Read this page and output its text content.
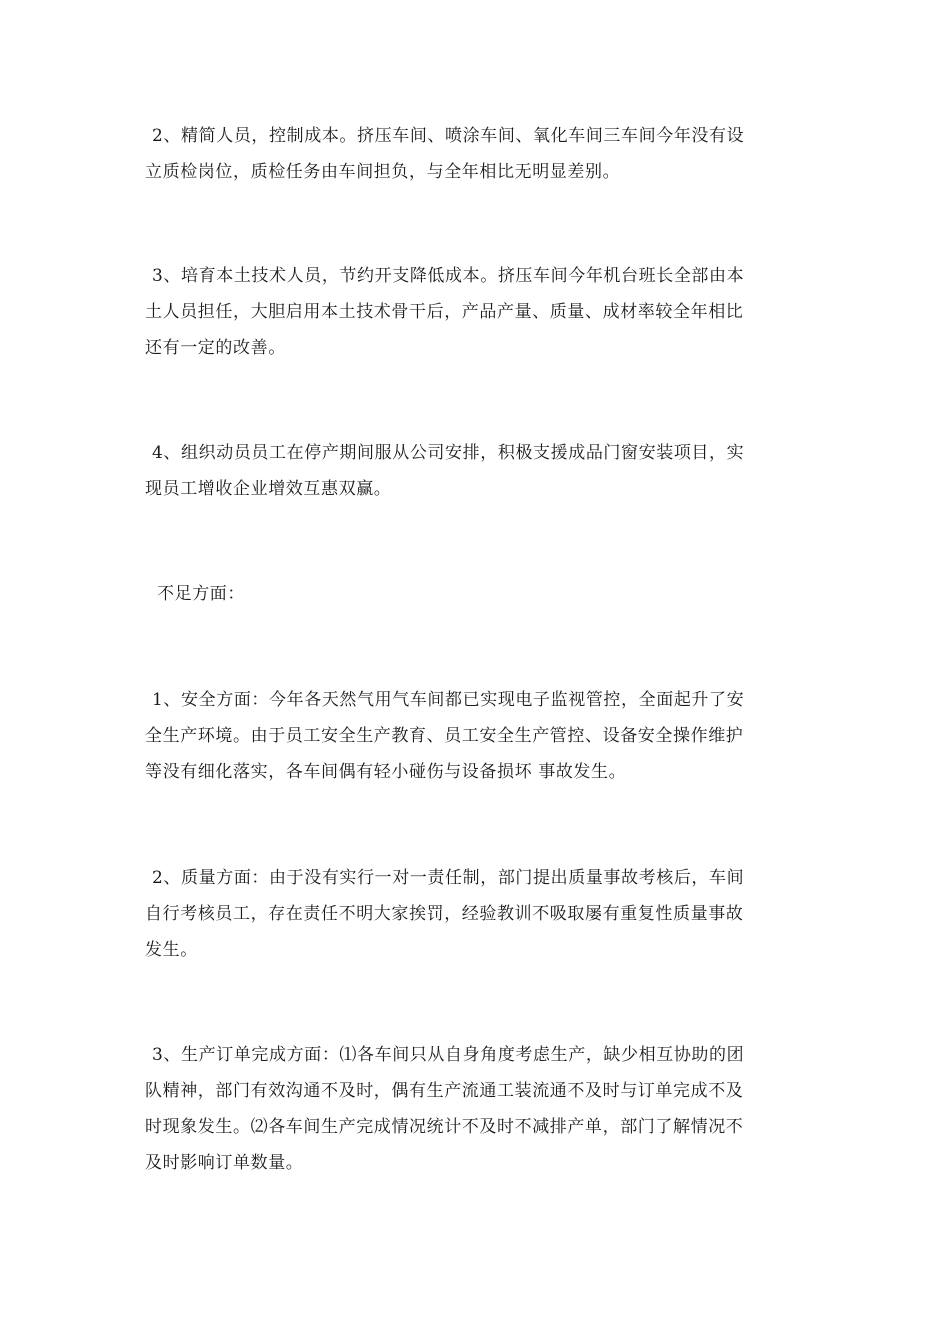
2、精简人员，控制成本。挤压车间、喷涂车间、氧化车间三车间今年没有设
立质检岗位，质检任务由车间担负，与全年相比无明显差别。

3、培育本土技术人员，节约开支降低成本。挤压车间今年机台班长全部由本
土人员担任，大胆启用本土技术骨干后，产品产量、质量、成材率较全年相比
还有一定的改善。

4、组织动员员工在停产期间服从公司安排，积极支援成品门窗安装项目，实
现员工增收企业增效互惠双赢。

不足方面：

1、安全方面：今年各天然气用气车间都已实现电子监视管控，全面起升了安
全生产环境。由于员工安全生产教育、员工安全生产管控、设备安全操作维护
等没有细化落实，各车间偶有轻小碰伤与设备损坏 事故发生。

2、质量方面：由于没有实行一对一责任制，部门提出质量事故考核后，车间
自行考核员工，存在责任不明大家挨罚，经验教训不吸取屡有重复性质量事故
发生。

3、生产订单完成方面：⑴各车间只从自身角度考虑生产，缺少相互协助的团
队精神，部门有效沟通不及时，偶有生产流通工装流通不及时与订单完成不及
时现象发生。⑵各车间生产完成情况统计不及时不减排产单，部门了解情况不
及时影响订单数量。
